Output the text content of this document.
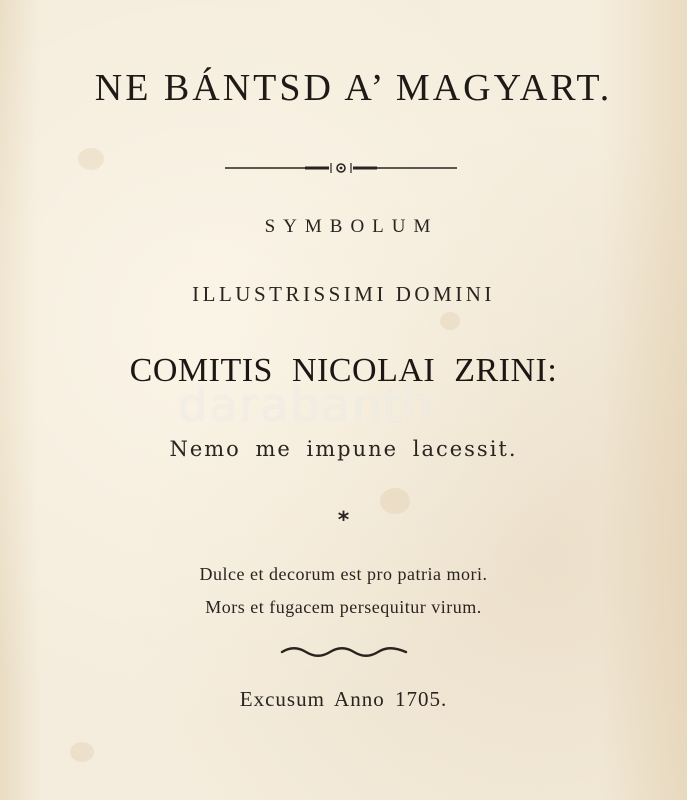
NE BÁNTSD A’ MAGYART.
SYMBOLUM
ILLUSTRISSIMI DOMINI
COMITIS NICOLAI ZRINI:
darabanth
Nemo me impune lacessit.
*
Dulce et decorum est pro patria mori.
Mors et fugacem persequitur virum.
Excusum Anno 1705.
